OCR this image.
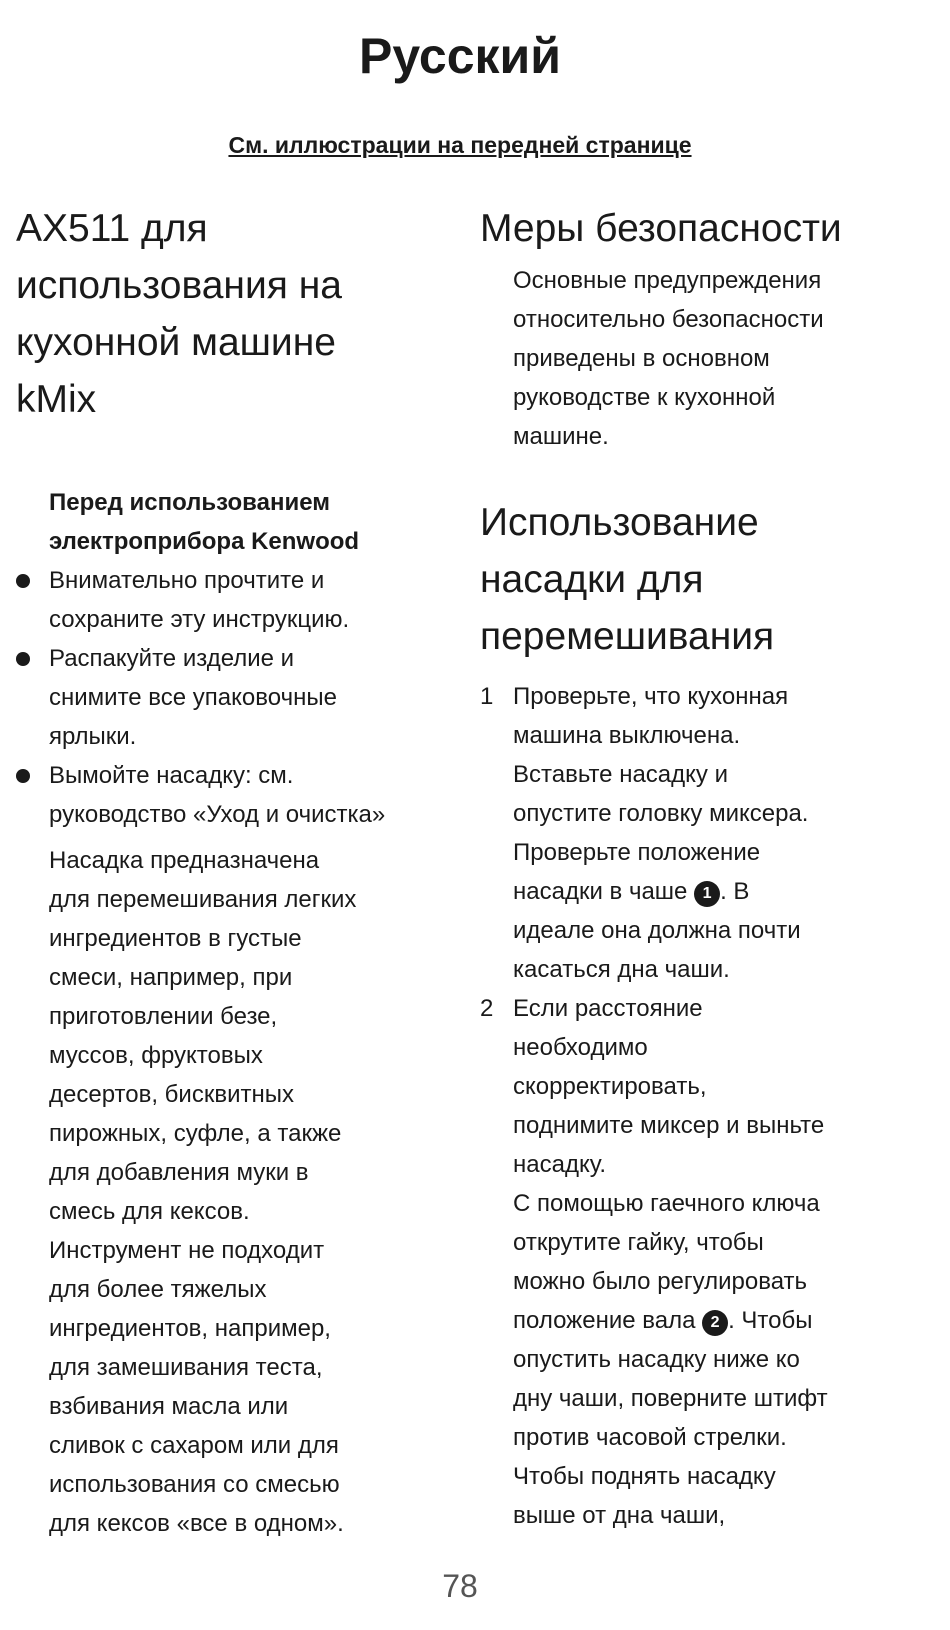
Русский
См. иллюстрации на передней странице
AX511 для
использования на
кухонной машине
kMix
Перед использованием
электроприбора Kenwood
Внимательно прочтите и
сохраните эту инструкцию.
Распакуйте изделие и
снимите все упаковочные
ярлыки.
Вымойте насадку: см.
руководство «Уход и очистка»
Насадка предназначена
для перемешивания легких
ингредиентов в густые
смеси, например, при
приготовлении безе,
муссов, фруктовых
десертов, бисквитных
пирожных, суфле, а также
для добавления муки в
смесь для кексов.
Инструмент не подходит
для более тяжелых
ингредиентов, например,
для замешивания теста,
взбивания масла или
сливок с сахаром или для
использования со смесью
для кексов «все в одном».
Меры безопасности
Основные предупреждения
относительно безопасности
приведены в основном
руководстве к кухонной
машине.
Использование
насадки для
перемешивания
1 Проверьте, что кухонная
машина выключена.
Вставьте насадку и
опустите головку миксера.
Проверьте положение
насадки в чаше 1 . В
идеале она должна почти
касаться дна чаши.
2 Если расстояние
необходимо
скорректировать,
поднимите миксер и выньте
насадку.
С помощью гаечного ключа
открутите гайку, чтобы
можно было регулировать
положение вала 2 . Чтобы
опустить насадку ниже ко
дну чаши, поверните штифт
против часовой стрелки.
Чтобы поднять насадку
выше от дна чаши,
78
